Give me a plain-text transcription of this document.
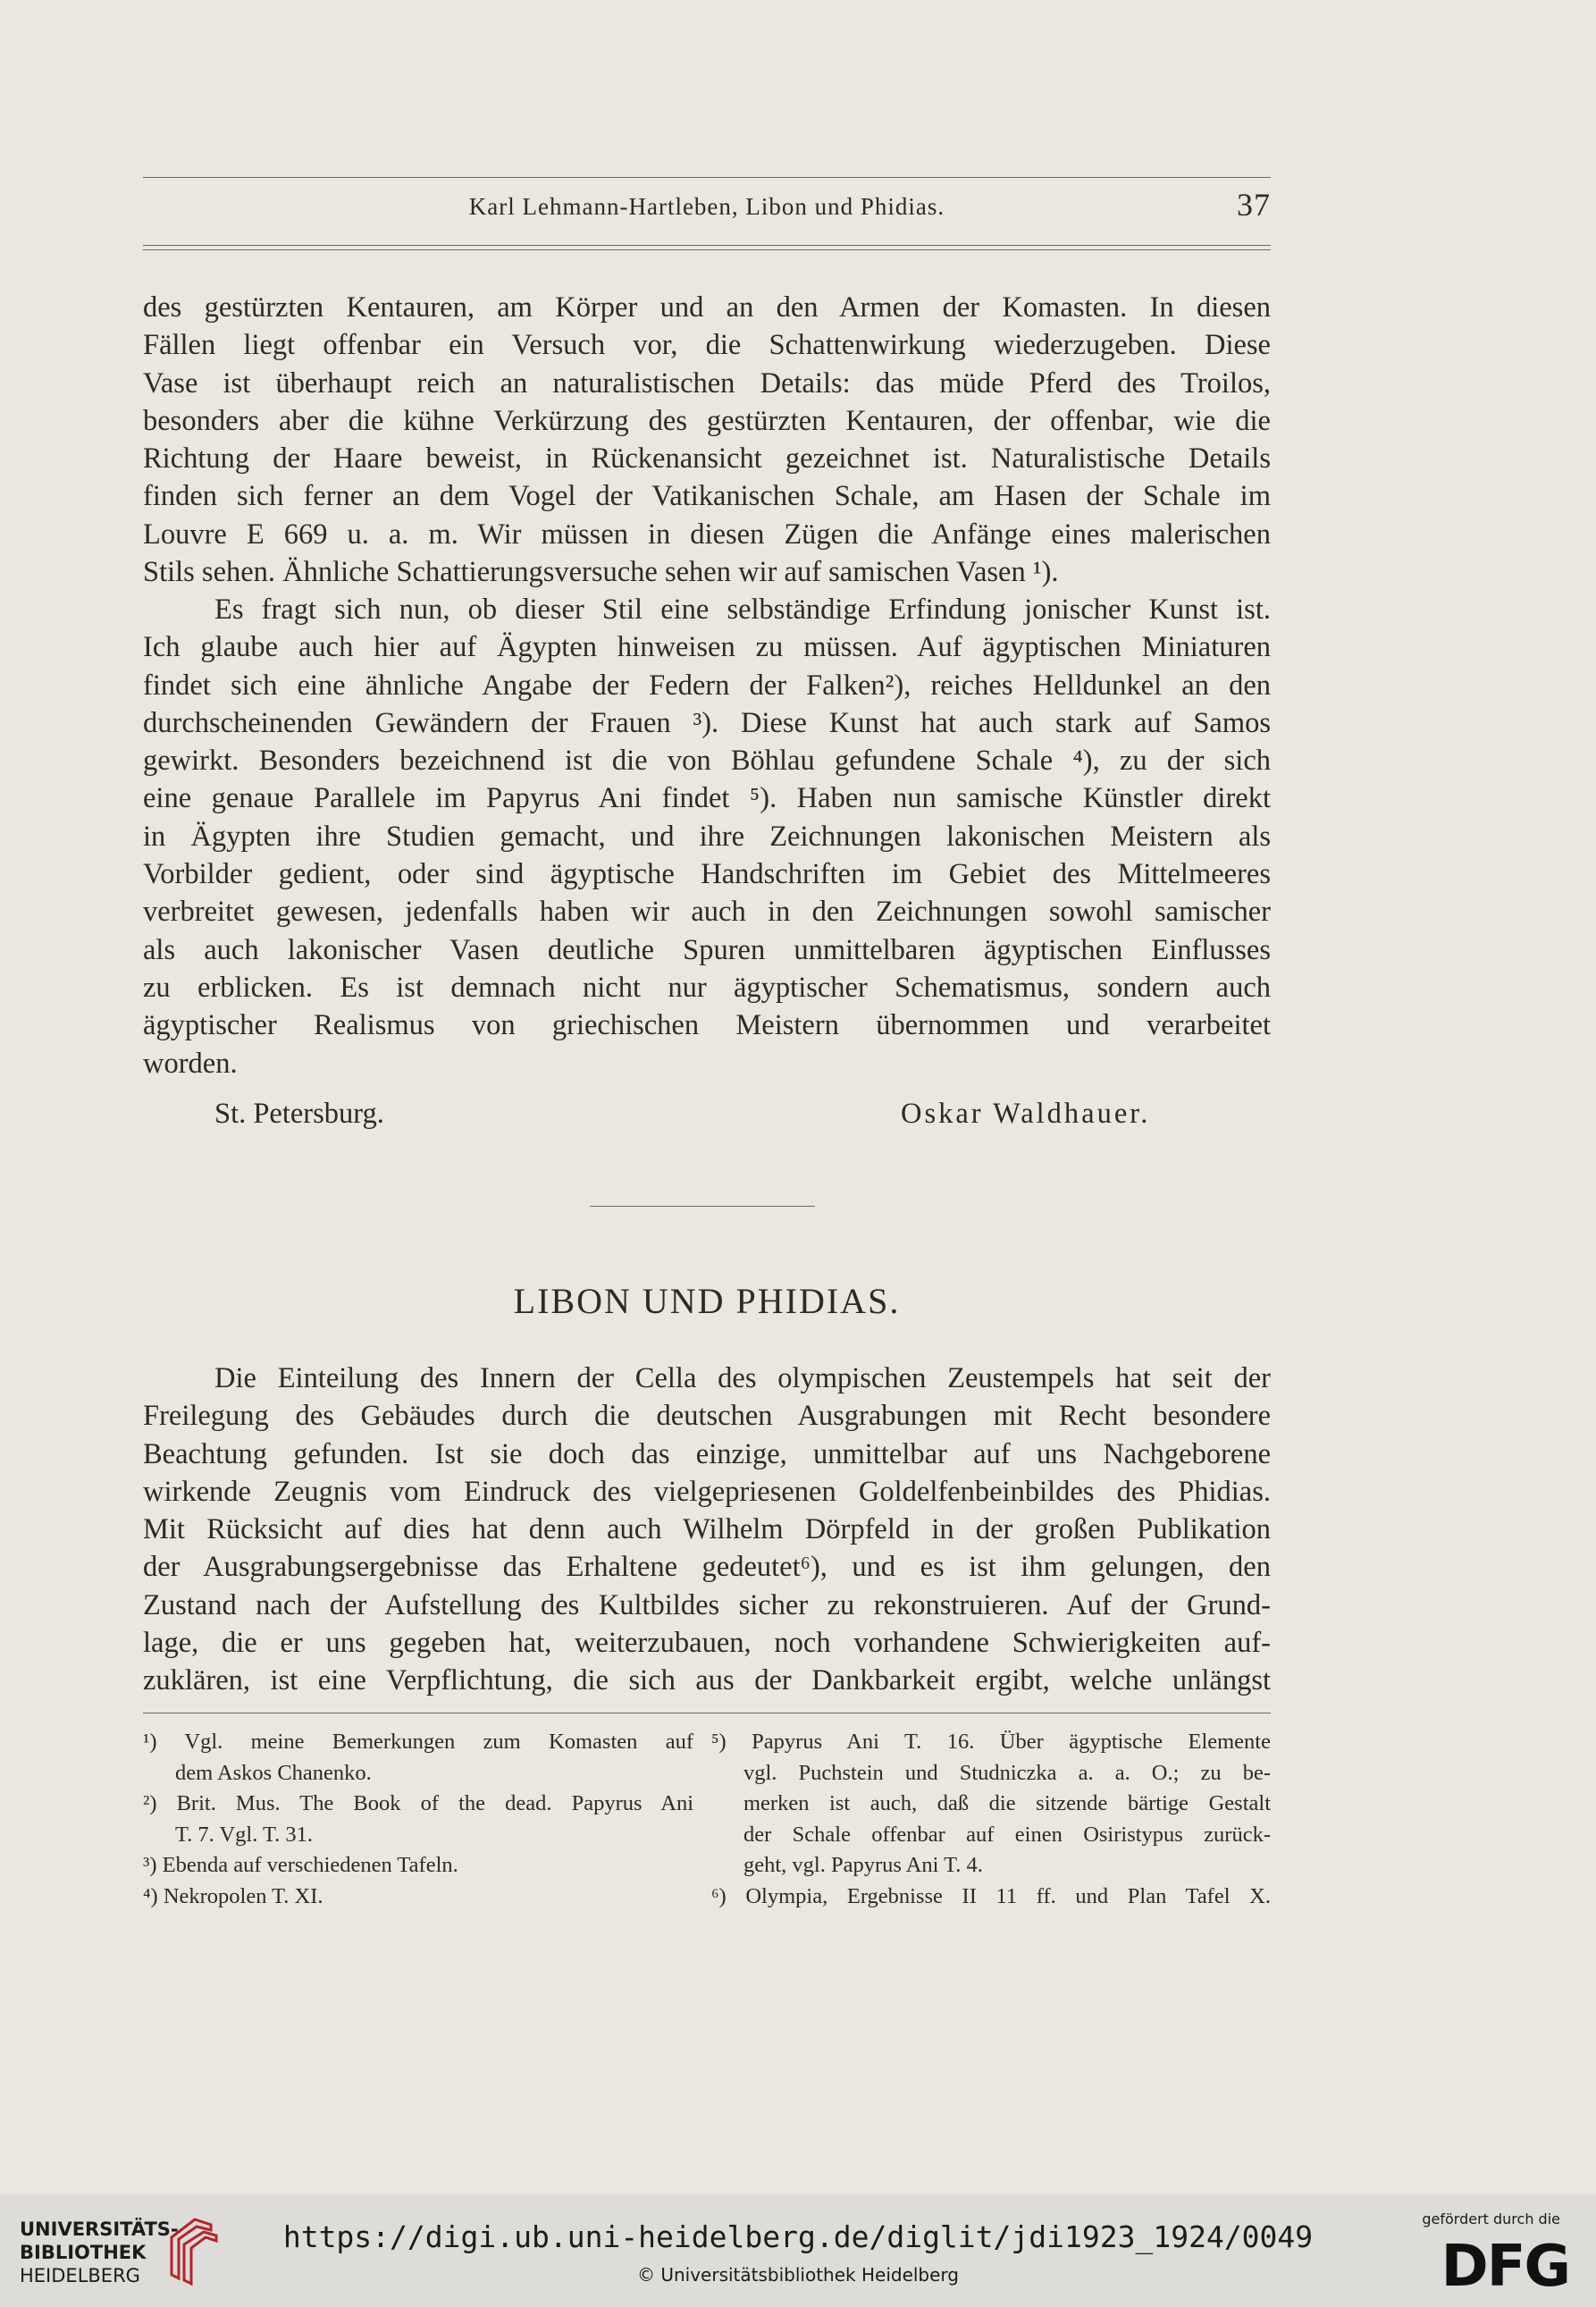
Karl Lehmann-Hartleben, Libon und Phidias.	37
des gestürzten Kentauren, am Körper und an den Armen der Komasten. In diesen
Fällen liegt offenbar ein Versuch vor, die Schattenwirkung wiederzugeben. Diese
Vase ist überhaupt reich an naturalistischen Details: das müde Pferd des Troilos,
besonders aber die kühne Verkürzung des gestürzten Kentauren, der offenbar, wie die
Richtung der Haare beweist, in Rückenansicht gezeichnet ist. Naturalistische Details
finden sich ferner an dem Vogel der Vatikanischen Schale, am Hasen der Schale im
Louvre E 669 u. a. m. Wir müssen in diesen Zügen die Anfänge eines malerischen
Stils sehen. Ähnliche Schattierungsversuche sehen wir auf samischen Vasen ¹).
Es fragt sich nun, ob dieser Stil eine selbständige Erfindung jonischer Kunst ist.
Ich glaube auch hier auf Ägypten hinweisen zu müssen. Auf ägyptischen Miniaturen
findet sich eine ähnliche Angabe der Federn der Falken²), reiches Helldunkel an den
durchscheinenden Gewändern der Frauen ³). Diese Kunst hat auch stark auf Samos
gewirkt. Besonders bezeichnend ist die von Böhlau gefundene Schale ⁴), zu der sich
eine genaue Parallele im Papyrus Ani findet ⁵). Haben nun samische Künstler direkt
in Ägypten ihre Studien gemacht, und ihre Zeichnungen lakonischen Meistern als
Vorbilder gedient, oder sind ägyptische Handschriften im Gebiet des Mittelmeeres
verbreitet gewesen, jedenfalls haben wir auch in den Zeichnungen sowohl samischer
als auch lakonischer Vasen deutliche Spuren unmittelbaren ägyptischen Einflusses
zu erblicken. Es ist demnach nicht nur ägyptischer Schematismus, sondern auch
ägyptischer Realismus von griechischen Meistern übernommen und verarbeitet
worden.
St. Petersburg.	Oskar Waldhauer.
LIBON UND PHIDIAS.
Die Einteilung des Innern der Cella des olympischen Zeustempels hat seit der
Freilegung des Gebäudes durch die deutschen Ausgrabungen mit Recht besondere
Beachtung gefunden. Ist sie doch das einzige, unmittelbar auf uns Nachgeborene
wirkende Zeugnis vom Eindruck des vielgepriesenen Goldelfenbeinbildes des Phidias.
Mit Rücksicht auf dies hat denn auch Wilhelm Dörpfeld in der großen Publikation
der Ausgrabungsergebnisse das Erhaltene gedeutet⁶), und es ist ihm gelungen, den
Zustand nach der Aufstellung des Kultbildes sicher zu rekonstruieren. Auf der Grund-
lage, die er uns gegeben hat, weiterzubauen, noch vorhandene Schwierigkeiten auf-
zuklären, ist eine Verpflichtung, die sich aus der Dankbarkeit ergibt, welche unlängst
¹) Vgl. meine Bemerkungen zum Komasten auf
dem Askos Chanenko.
²) Brit. Mus. The Book of the dead. Papyrus Ani
T. 7. Vgl. T. 31.
³) Ebenda auf verschiedenen Tafeln.
⁴) Nekropolen T. XI.
⁵) Papyrus Ani T. 16. Über ägyptische Elemente
vgl. Puchstein und Studniczka a. a. O.; zu be-
merken ist auch, daß die sitzende bärtige Gestalt
der Schale offenbar auf einen Osiristypus zurück-
geht, vgl. Papyrus Ani T. 4.
⁶) Olympia, Ergebnisse II 11 ff. und Plan Tafel X.
UNIVERSITÄTS-
BIBLIOTHEK
HEIDELBERG
https://digi.ub.uni-heidelberg.de/diglit/jdi1923_1924/0049
© Universitätsbibliothek Heidelberg
gefördert durch die
DFG
